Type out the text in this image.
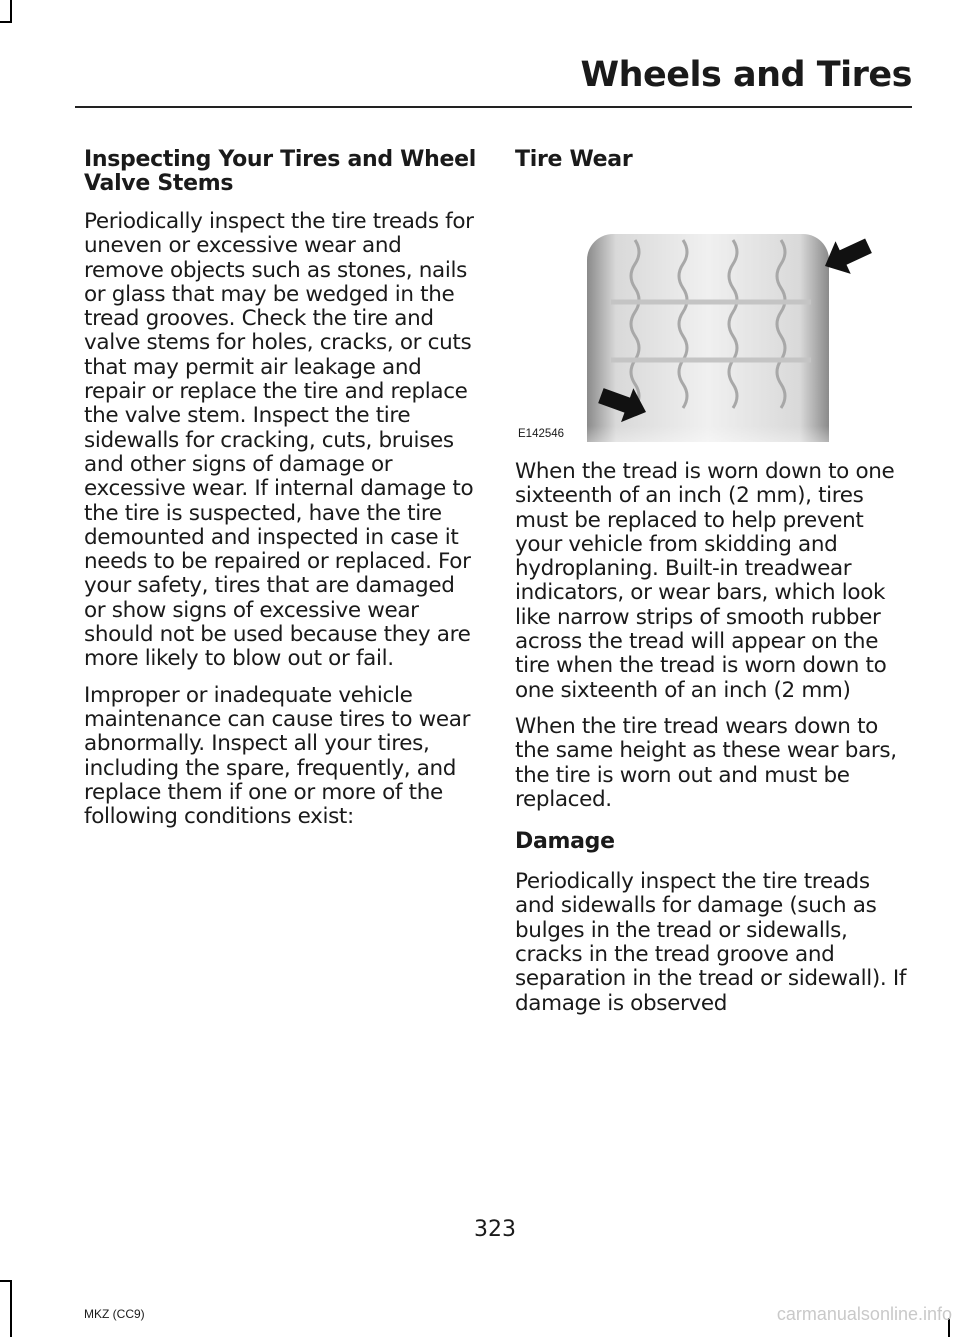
Wheels and Tires
Inspecting Your Tires and Wheel Valve Stems

Periodically inspect the tire treads for uneven or excessive wear and remove objects such as stones, nails or glass that may be wedged in the tread grooves. Check the tire and valve stems for holes, cracks, or cuts that may permit air leakage and repair or replace the tire and replace the valve stem. Inspect the tire sidewalls for cracking, cuts, bruises and other signs of damage or excessive wear. If internal damage to the tire is suspected, have the tire demounted and inspected in case it needs to be repaired or replaced. For your safety, tires that are damaged or show signs of excessive wear should not be used because they are more likely to blow out or fail.

Improper or inadequate vehicle maintenance can cause tires to wear abnormally. Inspect all your tires, including the spare, frequently, and replace them if one or more of the following conditions exist:

Tire Wear
E142546

When the tread is worn down to one sixteenth of an inch (2 mm), tires must be replaced to help prevent your vehicle from skidding and hydroplaning. Built-in treadwear indicators, or wear bars, which look like narrow strips of smooth rubber across the tread will appear on the tire when the tread is worn down to one sixteenth of an inch (2 mm)

When the tire tread wears down to the same height as these wear bars, the tire is worn out and must be replaced.

Damage

Periodically inspect the tire treads and sidewalls for damage (such as bulges in the tread or sidewalls, cracks in the tread groove and separation in the tread or sidewall). If damage is observed

323
MKZ (CC9)	carmanualsonline.info
